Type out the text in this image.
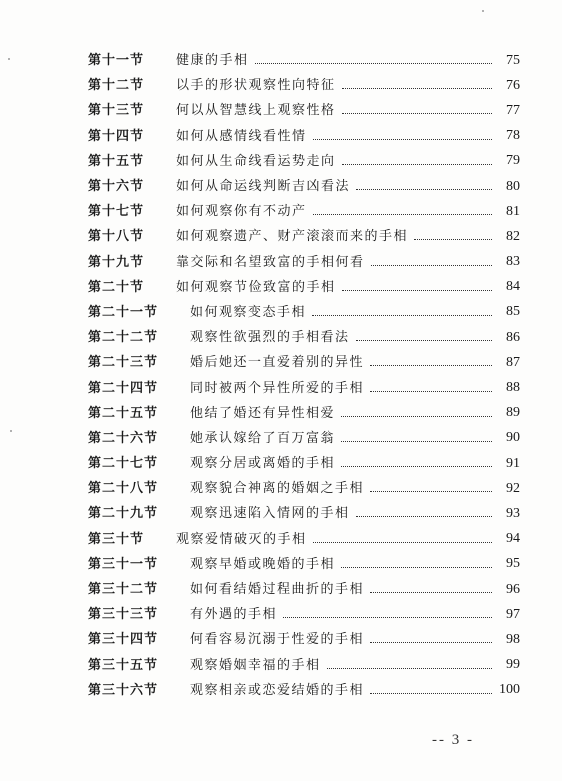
第十一节	健康的手相	75
第十二节	以手的形状观察性向特征	76
第十三节	何以从智慧线上观察性格	77
第十四节	如何从感情线看性情	78
第十五节	如何从生命线看运势走向	79
第十六节	如何从命运线判断吉凶看法	80
第十七节	如何观察你有不动产	81
第十八节	如何观察遗产、财产滚滚而来的手相	82
第十九节	靠交际和名望致富的手相何看	83
第二十节	如何观察节俭致富的手相	84
第二十一节	如何观察变态手相	85
第二十二节	观察性欲强烈的手相看法	86
第二十三节	婚后她还一直爱着别的异性	87
第二十四节	同时被两个异性所爱的手相	88
第二十五节	他结了婚还有异性相爱	89
第二十六节	她承认嫁给了百万富翁	90
第二十七节	观察分居或离婚的手相	91
第二十八节	观察貌合神离的婚姻之手相	92
第二十九节	观察迅速陷入情网的手相	93
第三十节	观察爱情破灭的手相	94
第三十一节	观察早婚或晚婚的手相	95
第三十二节	如何看结婚过程曲折的手相	96
第三十三节	有外遇的手相	97
第三十四节	何看容易沉溺于性爱的手相	98
第三十五节	观察婚姻幸福的手相	99
第三十六节	观察相亲或恋爱结婚的手相	100
-- 3 -
